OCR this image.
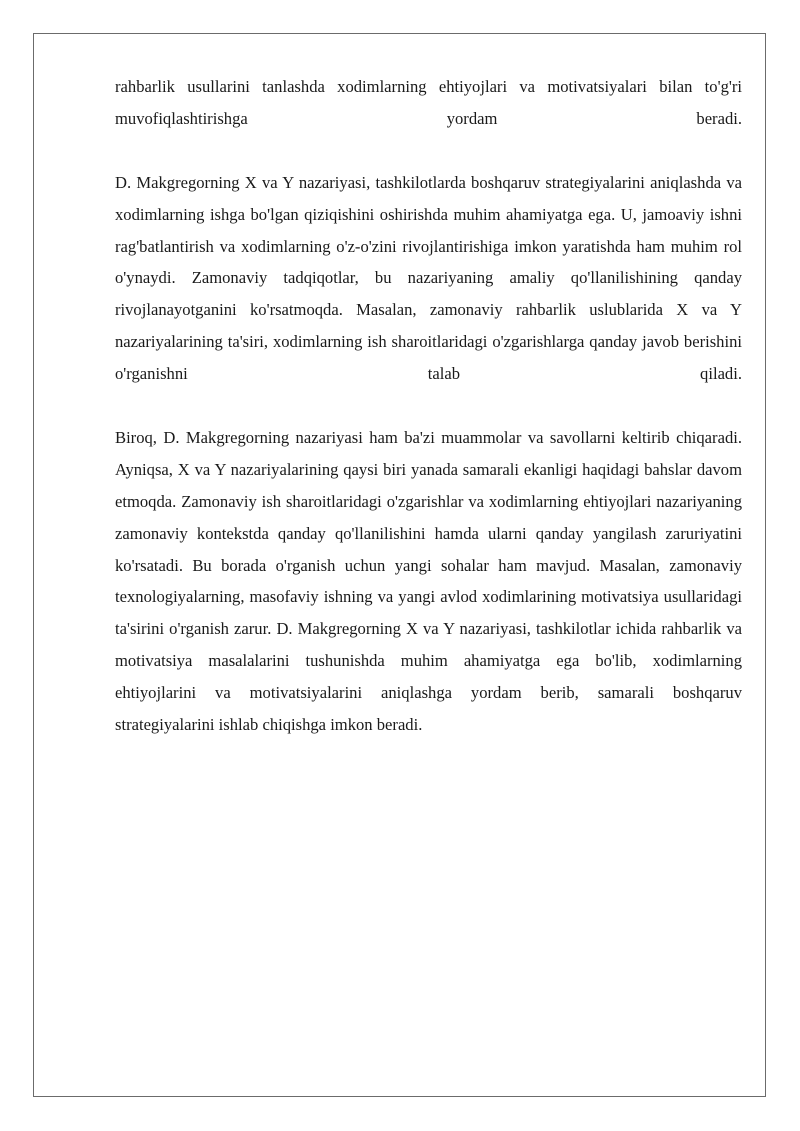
rahbarlik usullarini tanlashda xodimlarning ehtiyojlari va motivatsiyalari bilan to'g'ri muvofiqlashtirishga yordam beradi.

D. Makgregorning X va Y nazariyasi, tashkilotlarda boshqaruv strategiyalarini aniqlashda va xodimlarning ishga bo'lgan qiziqishini oshirishda muhim ahamiyatga ega. U, jamoaviy ishni rag'batlantirish va xodimlarning o'z-o'zini rivojlantirishiga imkon yaratishda ham muhim rol o'ynaydi. Zamonaviy tadqiqotlar, bu nazariyaning amaliy qo'llanilishining qanday rivojlanayotganini ko'rsatmoqda. Masalan, zamonaviy rahbarlik uslublarida X va Y nazariyalarining ta'siri, xodimlarning ish sharoitlaridagi o'zgarishlarga qanday javob berishini o'rganishni talab qiladi.

Biroq, D. Makgregorning nazariyasi ham ba'zi muammolar va savollarni keltirib chiqaradi. Ayniqsa, X va Y nazariyalarining qaysi biri yanada samarali ekanligi haqidagi bahslar davom etmoqda. Zamonaviy ish sharoitlaridagi o'zgarishlar va xodimlarning ehtiyojlari nazariyaning zamonaviy kontekstda qanday qo'llanilishini hamda ularni qanday yangilash zaruriyatini ko'rsatadi. Bu borada o'rganish uchun yangi sohalar ham mavjud. Masalan, zamonaviy texnologiyalarning, masofaviy ishning va yangi avlod xodimlarining motivatsiya usullaridagi ta'sirini o'rganish zarur. D. Makgregorning X va Y nazariyasi, tashkilotlar ichida rahbarlik va motivatsiya masalalarini tushunishda muhim ahamiyatga ega bo'lib, xodimlarning ehtiyojlarini va motivatsiyalarini aniqlashga yordam berib, samarali boshqaruv strategiyalarini ishlab chiqishga imkon beradi.
